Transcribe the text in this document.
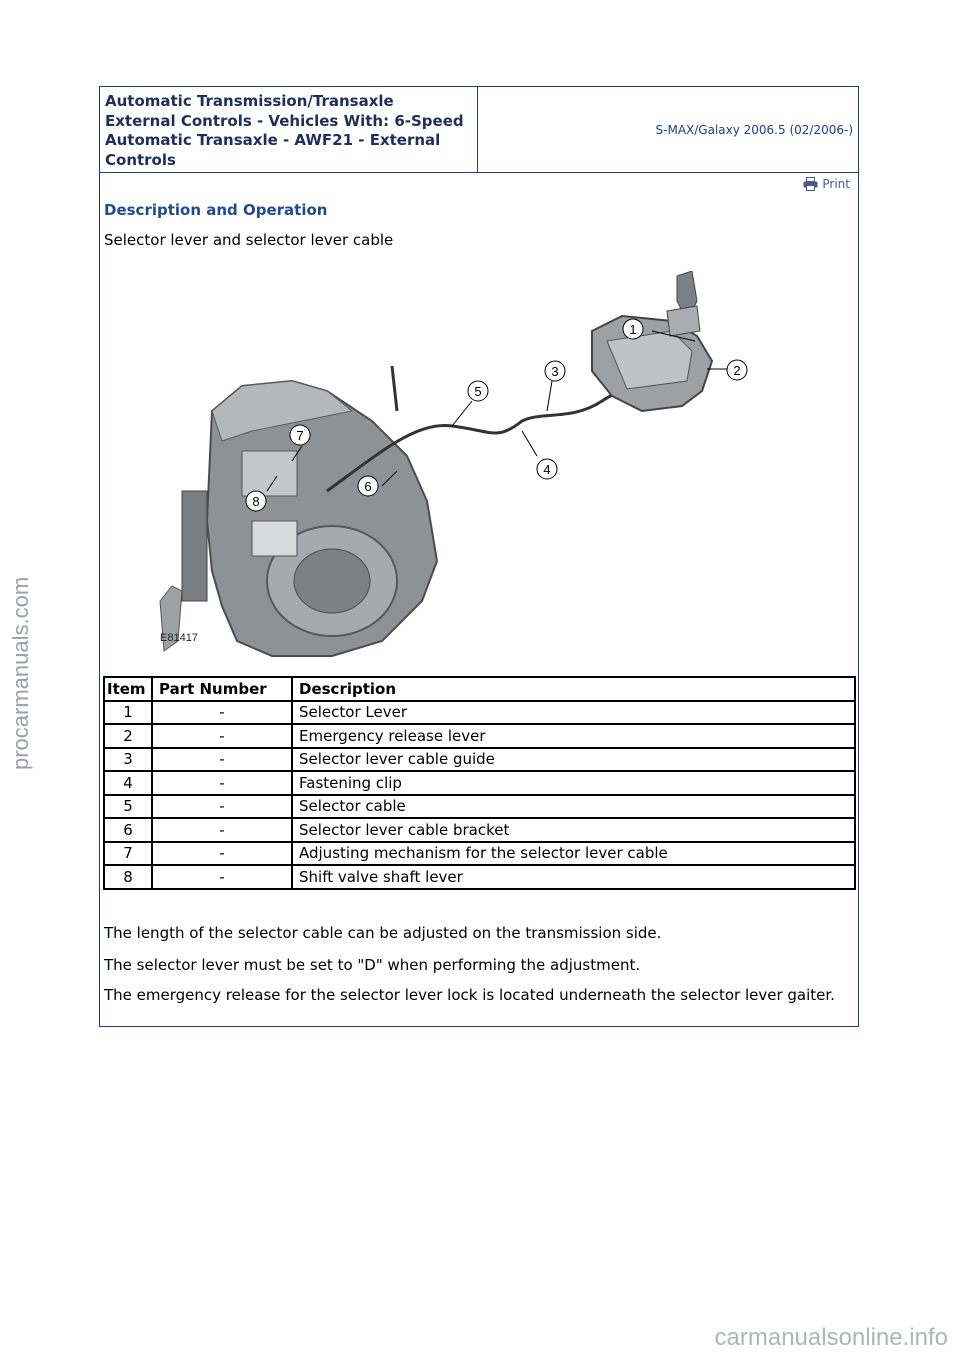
Automatic Transmission/Transaxle
External Controls - Vehicles With: 6-Speed
Automatic Transaxle - AWF21 - External
Controls
S-MAX/Galaxy 2006.5 (02/2006-)
Print
Description and Operation
Selector lever and selector lever cable
1
2
3
4
5
6
7
8
E81417
Item	Part Number	Description
1	-	Selector Lever
2	-	Emergency release lever
3	-	Selector lever cable guide
4	-	Fastening clip
5	-	Selector cable
6	-	Selector lever cable bracket
7	-	Adjusting mechanism for the selector lever cable
8	-	Shift valve shaft lever
The length of the selector cable can be adjusted on the transmission side.
The selector lever must be set to "D" when performing the adjustment.
The emergency release for the selector lever lock is located underneath the selector lever gaiter.
procarmanuals.com
carmanualsonline.info
